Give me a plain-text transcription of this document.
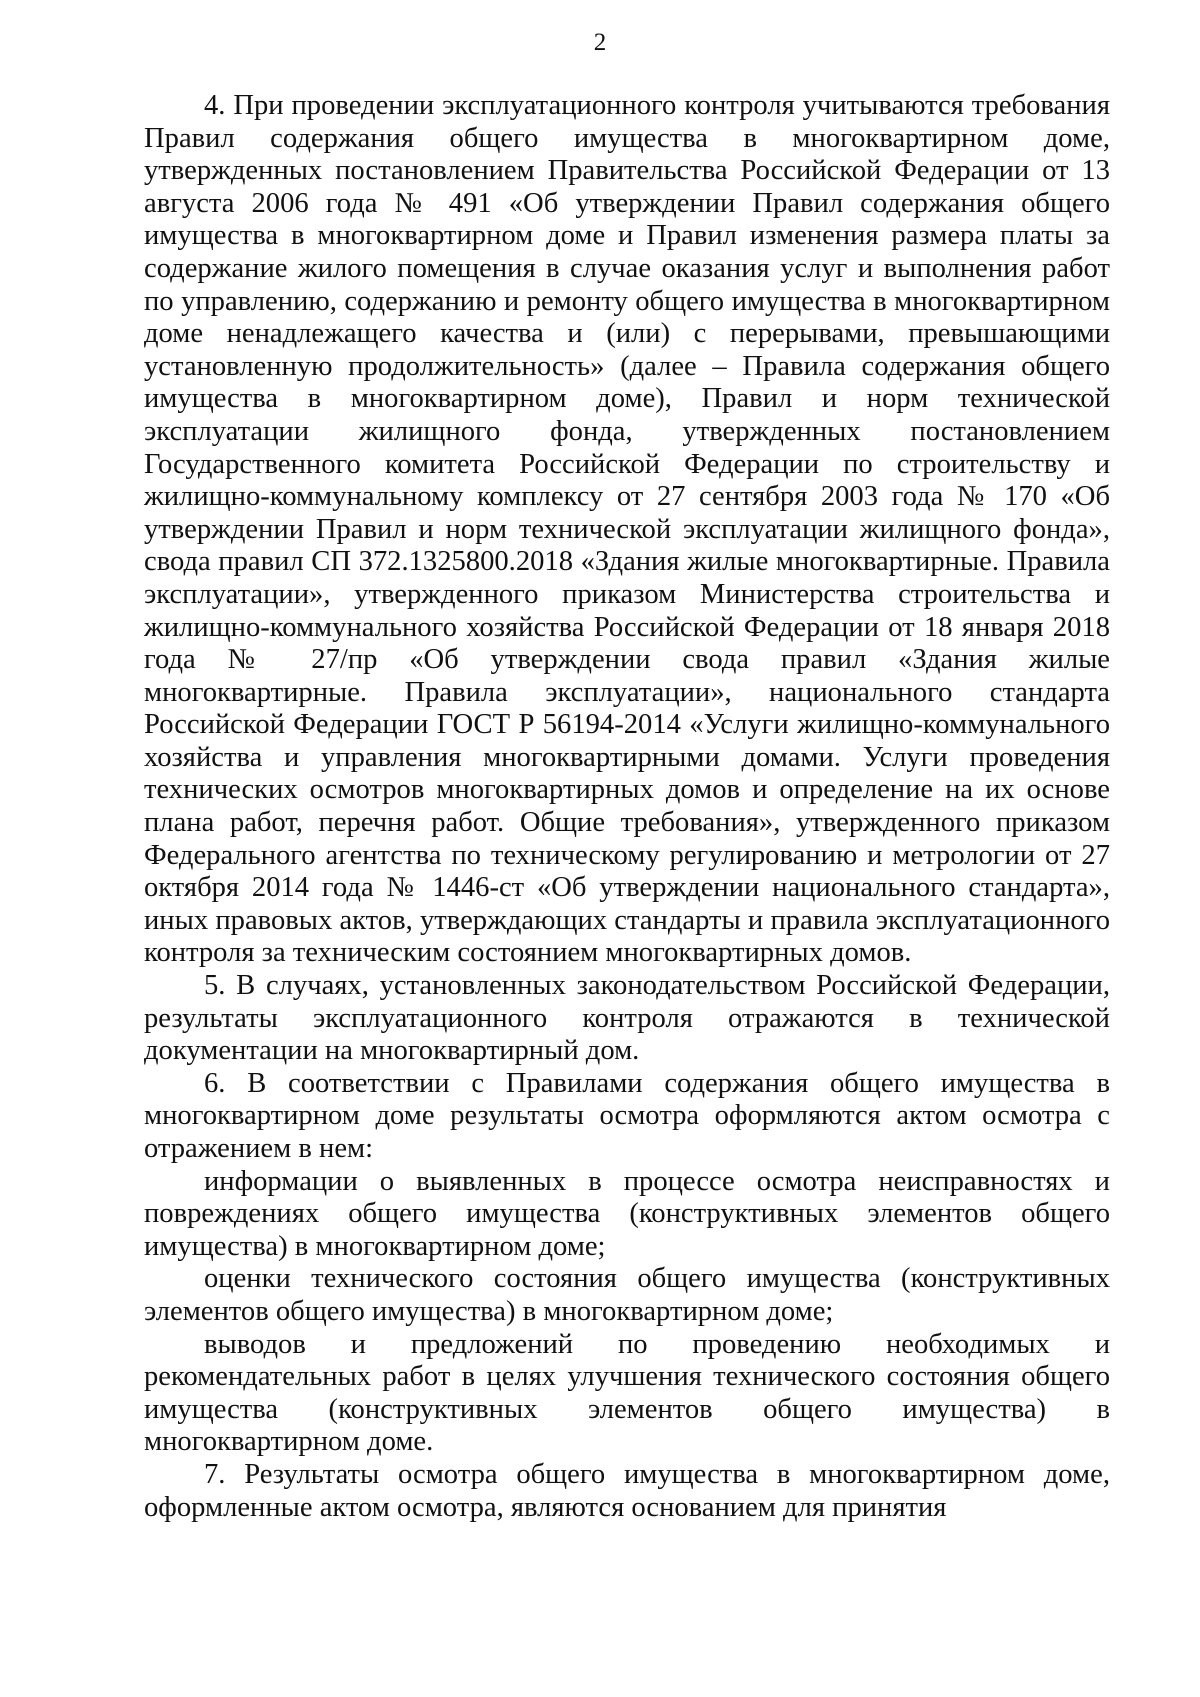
2

4. При проведении эксплуатационного контроля учитываются требования Правил содержания общего имущества в многоквартирном доме, утвержденных постановлением Правительства Российской Федерации от 13 августа 2006 года № 491 «Об утверждении Правил содержания общего имущества в многоквартирном доме и Правил изменения размера платы за содержание жилого помещения в случае оказания услуг и выполнения работ по управлению, содержанию и ремонту общего имущества в многоквартирном доме ненадлежащего качества и (или) с перерывами, превышающими установленную продолжительность» (далее – Правила содержания общего имущества в многоквартирном доме), Правил и норм технической эксплуатации жилищного фонда, утвержденных постановлением Государственного комитета Российской Федерации по строительству и жилищно-коммунальному комплексу от 27 сентября 2003 года № 170 «Об утверждении Правил и норм технической эксплуатации жилищного фонда», свода правил СП 372.1325800.2018 «Здания жилые многоквартирные. Правила эксплуатации», утвержденного приказом Министерства строительства и жилищно-коммунального хозяйства Российской Федерации от 18 января 2018 года № 27/пр «Об утверждении свода правил «Здания жилые многоквартирные. Правила эксплуатации», национального стандарта Российской Федерации ГОСТ Р 56194-2014 «Услуги жилищно-коммунального хозяйства и управления многоквартирными домами. Услуги проведения технических осмотров многоквартирных домов и определение на их основе плана работ, перечня работ. Общие требования», утвержденного приказом Федерального агентства по техническому регулированию и метрологии от 27 октября 2014 года № 1446-ст «Об утверждении национального стандарта», иных правовых актов, утверждающих стандарты и правила эксплуатационного контроля за техническим состоянием многоквартирных домов.

5. В случаях, установленных законодательством Российской Федерации, результаты эксплуатационного контроля отражаются в технической документации на многоквартирный дом.

6. В соответствии с Правилами содержания общего имущества в многоквартирном доме результаты осмотра оформляются актом осмотра с отражением в нем:

информации о выявленных в процессе осмотра неисправностях и повреждениях общего имущества (конструктивных элементов общего имущества) в многоквартирном доме;

оценки технического состояния общего имущества (конструктивных элементов общего имущества) в многоквартирном доме;

выводов и предложений по проведению необходимых и рекомендательных работ в целях улучшения технического состояния общего имущества (конструктивных элементов общего имущества) в многоквартирном доме.

7. Результаты осмотра общего имущества в многоквартирном доме, оформленные актом осмотра, являются основанием для принятия
